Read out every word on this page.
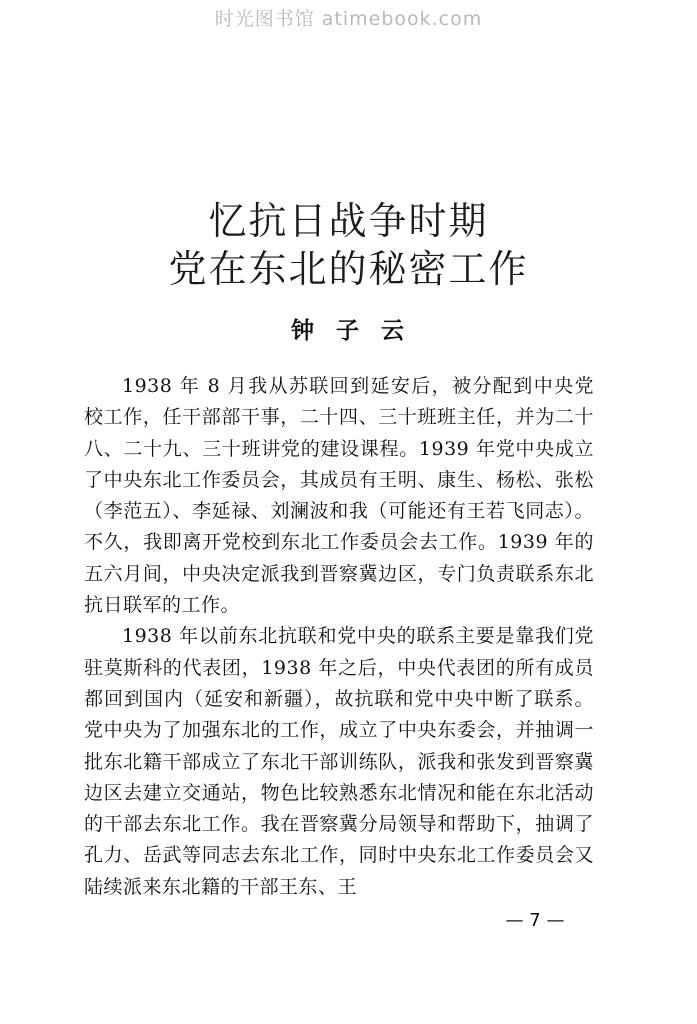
时光图书馆 atimebook.com
忆抗日战争时期
党在东北的秘密工作
钟子云

1938 年 8 月我从苏联回到延安后，被分配到中央党校工作，任干部部干事，二十四、三十班班主任，并为二十八、二十九、三十班讲党的建设课程。1939 年党中央成立了中央东北工作委员会，其成员有王明、康生、杨松、张松（李范五）、李延禄、刘澜波和我（可能还有王若飞同志）。不久，我即离开党校到东北工作委员会去工作。1939 年的五六月间，中央决定派我到晋察冀边区，专门负责联系东北抗日联军的工作。

1938 年以前东北抗联和党中央的联系主要是靠我们党驻莫斯科的代表团，1938 年之后，中央代表团的所有成员都回到国内（延安和新疆），故抗联和党中央中断了联系。党中央为了加强东北的工作，成立了中央东委会，并抽调一批东北籍干部成立了东北干部训练队，派我和张发到晋察冀边区去建立交通站，物色比较熟悉东北情况和能在东北活动的干部去东北工作。我在晋察冀分局领导和帮助下，抽调了孔力、岳武等同志去东北工作，同时中央东北工作委员会又陆续派来东北籍的干部王东、王

— 7 —
